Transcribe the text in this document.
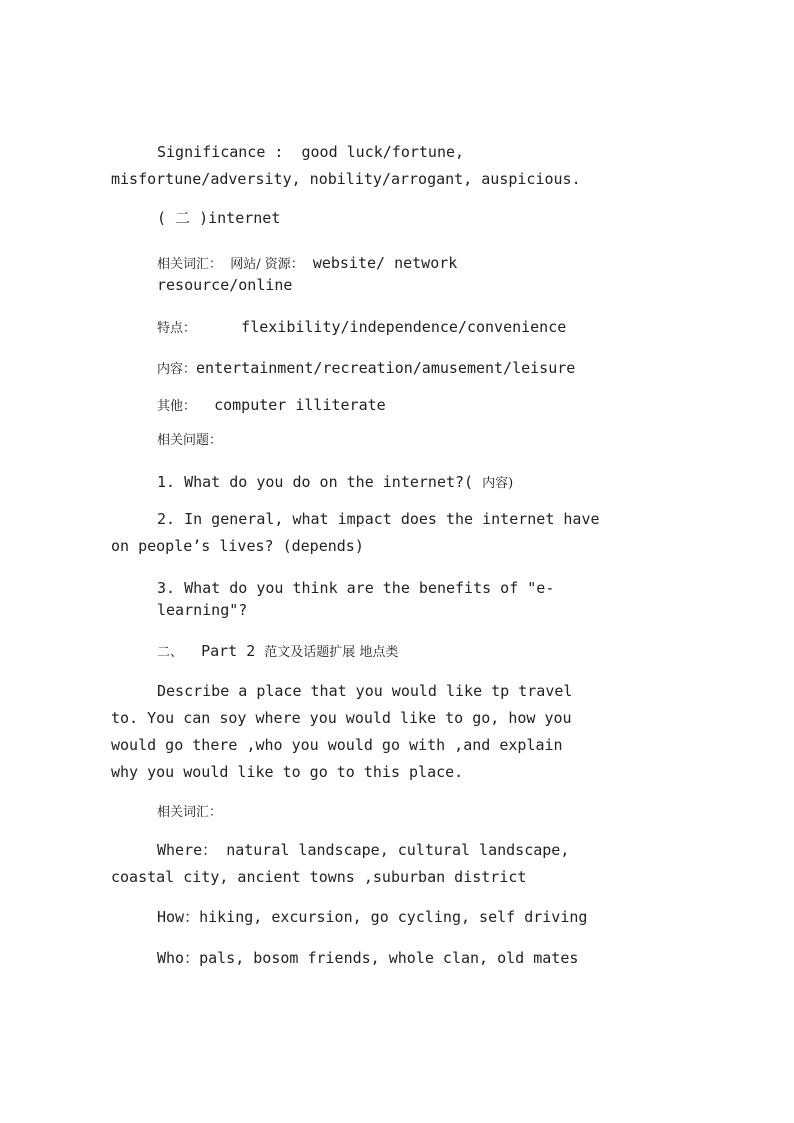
Significance :  good luck/fortune,
misfortune/adversity, nobility/arrogant, auspicious.
( 二 )internet
相关词汇：  网站/ 资源： website/ network
resource/online
特点：	flexibility/independence/convenience
内容：entertainment/recreation/amusement/leisure
其他： computer illiterate
相关问题：
1. What do you do on the internet?( 内容)
2. In general, what impact does the internet have
on people’s lives? (depends)
3. What do you think are the benefits of "e-
learning"?
二、 Part 2 范文及话题扩展 地点类
Describe a place that you would like tp travel
to. You can soy where you would like to go, how you
would go there ,who you would go with ,and explain
why you would like to go to this place.
相关词汇：
Where： natural landscape, cultural landscape,
coastal city, ancient towns ,suburban district
How：hiking, excursion, go cycling, self driving
Who：pals, bosom friends, whole clan, old mates
